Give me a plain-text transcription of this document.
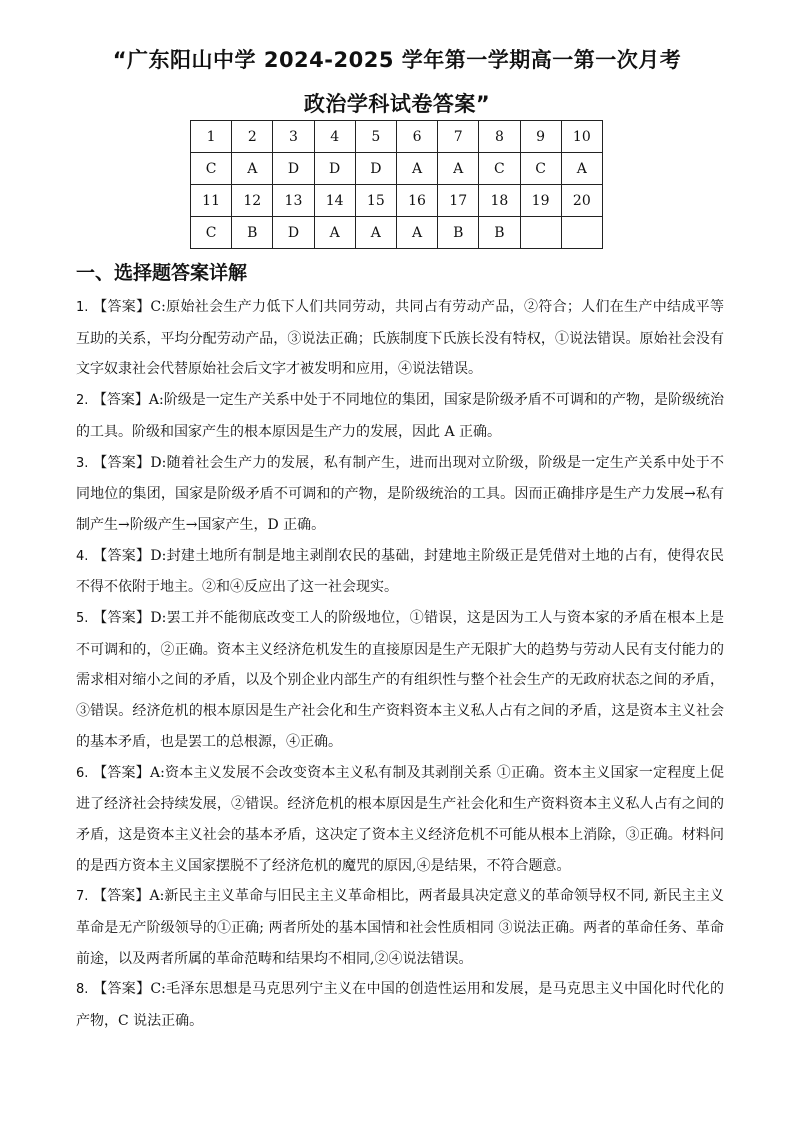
“广东阳山中学 2024-2025 学年第一学期高一第一次月考
政治学科试卷答案”
1	2	3	4	5	6	7	8	9	10
C	A	D	D	D	A	A	C	C	A
11	12	13	14	15	16	17	18	19	20
C	B	D	A	A	A	B	B		
一、选择题答案详解

1. 【答案】C:原始社会生产力低下人们共同劳动，共同占有劳动产品，②符合；人们在生产中结成平等互助的关系，平均分配劳动产品，③说法正确；氏族制度下氏族长没有特权，①说法错误。原始社会没有文字奴隶社会代替原始社会后文字才被发明和应用，④说法错误。

2. 【答案】A:阶级是一定生产关系中处于不同地位的集团，国家是阶级矛盾不可调和的产物，是阶级统治的工具。阶级和国家产生的根本原因是生产力的发展，因此 A 正确。

3. 【答案】D:随着社会生产力的发展，私有制产生，进而出现对立阶级，阶级是一定生产关系中处于不同地位的集团，国家是阶级矛盾不可调和的产物，是阶级统治的工具。因而正确排序是生产力发展→私有制产生→阶级产生→国家产生，D 正确。

4. 【答案】D:封建土地所有制是地主剥削农民的基础，封建地主阶级正是凭借对土地的占有，使得农民不得不依附于地主。②和④反应出了这一社会现实。

5. 【答案】D:罢工并不能彻底改变工人的阶级地位，①错误，这是因为工人与资本家的矛盾在根本上是不可调和的，②正确。资本主义经济危机发生的直接原因是生产无限扩大的趋势与劳动人民有支付能力的需求相对缩小之间的矛盾，以及个别企业内部生产的有组织性与整个社会生产的无政府状态之间的矛盾，③错误。经济危机的根本原因是生产社会化和生产资料资本主义私人占有之间的矛盾，这是资本主义社会的基本矛盾，也是罢工的总根源，④正确。

6. 【答案】A:资本主义发展不会改变资本主义私有制及其剥削关系 ①正确。资本主义国家一定程度上促进了经济社会持续发展，②错误。经济危机的根本原因是生产社会化和生产资料资本主义私人占有之间的矛盾，这是资本主义社会的基本矛盾，这决定了资本主义经济危机不可能从根本上消除，③正确。材料问的是西方资本主义国家摆脱不了经济危机的魔咒的原因,④是结果，不符合题意。

7. 【答案】A:新民主主义革命与旧民主主义革命相比，两者最具决定意义的革命领导权不同, 新民主主义革命是无产阶级领导的①正确; 两者所处的基本国情和社会性质相同 ③说法正确。两者的革命任务、革命前途，以及两者所属的革命范畴和结果均不相同,②④说法错误。

8. 【答案】C:毛泽东思想是马克思列宁主义在中国的创造性运用和发展，是马克思主义中国化时代化的产物，C 说法正确。
